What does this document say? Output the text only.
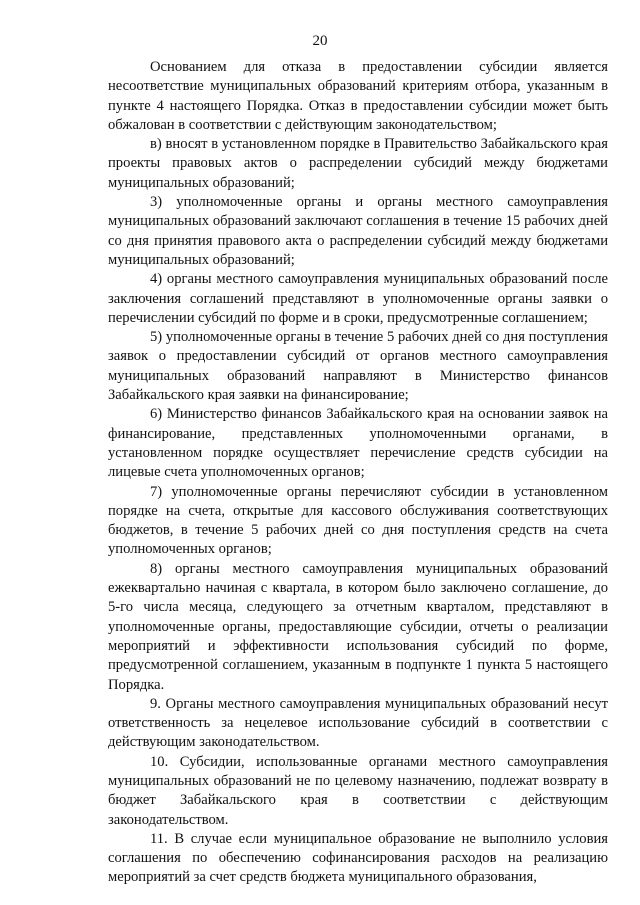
20

Основанием для отказа в предоставлении субсидии является несоответствие муниципальных образований критериям отбора, указанным в пункте 4 настоящего Порядка. Отказ в предоставлении субсидии может быть обжалован в соответствии с действующим законодательством;

в) вносят в установленном порядке в Правительство Забайкальского края проекты правовых актов о распределении субсидий между бюджетами муниципальных образований;

3) уполномоченные органы и органы местного самоуправления муниципальных образований заключают соглашения в течение 15 рабочих дней со дня принятия правового акта о распределении субсидий между бюджетами муниципальных образований;

4) органы местного самоуправления муниципальных образований после заключения соглашений представляют в уполномоченные органы заявки о перечислении субсидий по форме и в сроки, предусмотренные соглашением;

5) уполномоченные органы в течение 5 рабочих дней со дня поступления заявок о предоставлении субсидий от органов местного самоуправления муниципальных образований направляют в Министерство финансов Забайкальского края заявки на финансирование;

6) Министерство финансов Забайкальского края на основании заявок на финансирование, представленных уполномоченными органами, в установленном порядке осуществляет перечисление средств субсидии на лицевые счета уполномоченных органов;

7) уполномоченные органы перечисляют субсидии в установленном порядке на счета, открытые для кассового обслуживания соответствующих бюджетов, в течение 5 рабочих дней со дня поступления средств на счета уполномоченных органов;

8) органы местного самоуправления муниципальных образований ежеквартально начиная с квартала, в котором было заключено соглашение, до 5-го числа месяца, следующего за отчетным кварталом, представляют в уполномоченные органы, предоставляющие субсидии, отчеты о реализации мероприятий и эффективности использования субсидий по форме, предусмотренной соглашением, указанным в подпункте 1 пункта 5 настоящего Порядка.

9. Органы местного самоуправления муниципальных образований несут ответственность за нецелевое использование субсидий в соответствии с действующим законодательством.

10. Субсидии, использованные органами местного самоуправления муниципальных образований не по целевому назначению, подлежат возврату в бюджет Забайкальского края в соответствии с действующим законодательством.

11. В случае если муниципальное образование не выполнило условия соглашения по обеспечению софинансирования расходов на реализацию мероприятий за счет средств бюджета муниципального образования,
